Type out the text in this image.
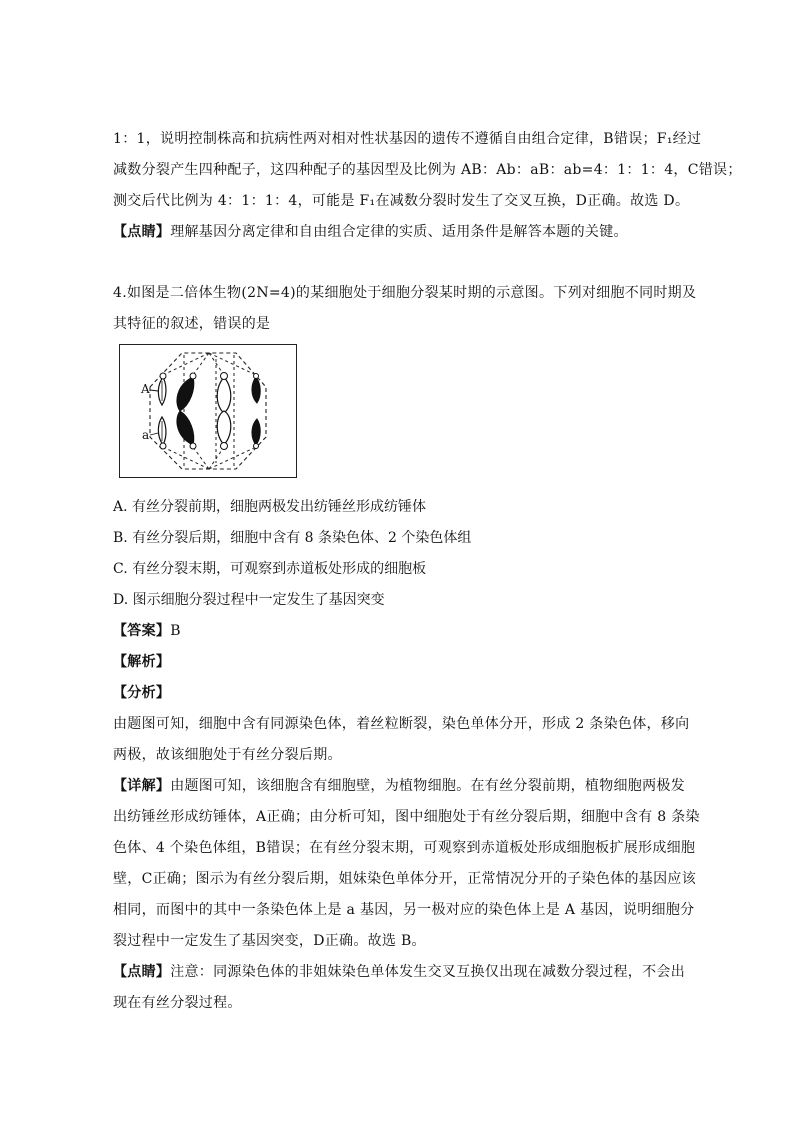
1：1，说明控制株高和抗病性两对相对性状基因的遗传不遵循自由组合定律，B错误；F₁经过

减数分裂产生四种配子，这四种配子的基因型及比例为 AB：Ab：aB：ab=4：1：1：4，C错误；

测交后代比例为 4：1：1：4，可能是 F₁在减数分裂时发生了交叉互换，D正确。故选 D。

【点睛】理解基因分离定律和自由组合定律的实质、适用条件是解答本题的关键。

4.如图是二倍体生物(2N=4)的某细胞处于细胞分裂某时期的示意图。下列对细胞不同时期及

其特征的叙述，错误的是

A
a

A. 有丝分裂前期，细胞两极发出纺锤丝形成纺锤体

B. 有丝分裂后期，细胞中含有 8 条染色体、2 个染色体组

C. 有丝分裂末期，可观察到赤道板处形成的细胞板

D. 图示细胞分裂过程中一定发生了基因突变

【答案】B

【解析】

【分析】

由题图可知，细胞中含有同源染色体，着丝粒断裂，染色单体分开，形成 2 条染色体，移向

两极，故该细胞处于有丝分裂后期。

【详解】由题图可知，该细胞含有细胞壁，为植物细胞。在有丝分裂前期，植物细胞两极发

出纺锤丝形成纺锤体，A正确；由分析可知，图中细胞处于有丝分裂后期，细胞中含有 8 条染

色体、4 个染色体组，B错误；在有丝分裂末期，可观察到赤道板处形成细胞板扩展形成细胞

壁，C正确；图示为有丝分裂后期，姐妹染色单体分开，正常情况分开的子染色体的基因应该

相同，而图中的其中一条染色体上是 a 基因，另一极对应的染色体上是 A 基因，说明细胞分

裂过程中一定发生了基因突变，D正确。故选 B。

【点睛】注意：同源染色体的非姐妹染色单体发生交叉互换仅出现在减数分裂过程，不会出

现在有丝分裂过程。
